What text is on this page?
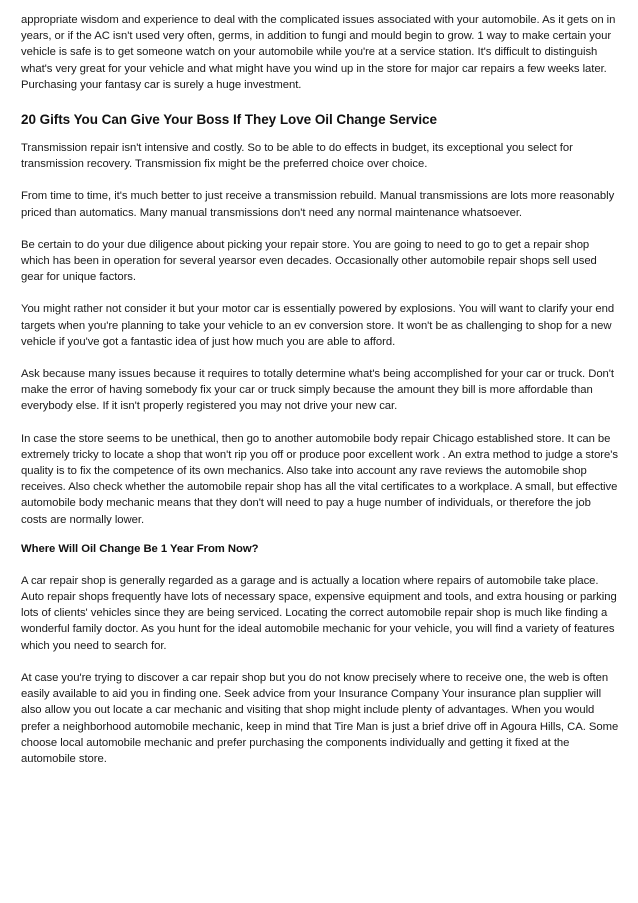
appropriate wisdom and experience to deal with the complicated issues associated with your automobile. As it gets on in years, or if the AC isn't used very often, germs, in addition to fungi and mould begin to grow. 1 way to make certain your vehicle is safe is to get someone watch on your automobile while you're at a service station. It's difficult to distinguish what's very great for your vehicle and what might have you wind up in the store for major car repairs a few weeks later. Purchasing your fantasy car is surely a huge investment.

20 Gifts You Can Give Your Boss If They Love Oil Change Service

Transmission repair isn't intensive and costly. So to be able to do effects in budget, its exceptional you select for transmission recovery. Transmission fix might be the preferred choice over choice.

From time to time, it's much better to just receive a transmission rebuild. Manual transmissions are lots more reasonably priced than automatics. Many manual transmissions don't need any normal maintenance whatsoever.

Be certain to do your due diligence about picking your repair store. You are going to need to go to get a repair shop which has been in operation for several yearsor even decades. Occasionally other automobile repair shops sell used gear for unique factors.

You might rather not consider it but your motor car is essentially powered by explosions. You will want to clarify your end targets when you're planning to take your vehicle to an ev conversion store. It won't be as challenging to shop for a new vehicle if you've got a fantastic idea of just how much you are able to afford.

Ask because many issues because it requires to totally determine what's being accomplished for your car or truck. Don't make the error of having somebody fix your car or truck simply because the amount they bill is more affordable than everybody else. If it isn't properly registered you may not drive your new car.

In case the store seems to be unethical, then go to another automobile body repair Chicago established store. It can be extremely tricky to locate a shop that won't rip you off or produce poor excellent work . An extra method to judge a store's quality is to fix the competence of its own mechanics. Also take into account any rave reviews the automobile shop receives. Also check whether the automobile repair shop has all the vital certificates to a workplace. A small, but effective automobile body mechanic means that they don't will need to pay a huge number of individuals, or therefore the job costs are normally lower.

Where Will Oil Change Be 1 Year From Now?

A car repair shop is generally regarded as a garage and is actually a location where repairs of automobile take place. Auto repair shops frequently have lots of necessary space, expensive equipment and tools, and extra housing or parking lots of clients' vehicles since they are being serviced. Locating the correct automobile repair shop is much like finding a wonderful family doctor. As you hunt for the ideal automobile mechanic for your vehicle, you will find a variety of features which you need to search for.

At case you're trying to discover a car repair shop but you do not know precisely where to receive one, the web is often easily available to aid you in finding one. Seek advice from your Insurance Company Your insurance plan supplier will also allow you out locate a car mechanic and visiting that shop might include plenty of advantages. When you would prefer a neighborhood automobile mechanic, keep in mind that Tire Man is just a brief drive off in Agoura Hills, CA. Some choose local automobile mechanic and prefer purchasing the components individually and getting it fixed at the automobile store.
